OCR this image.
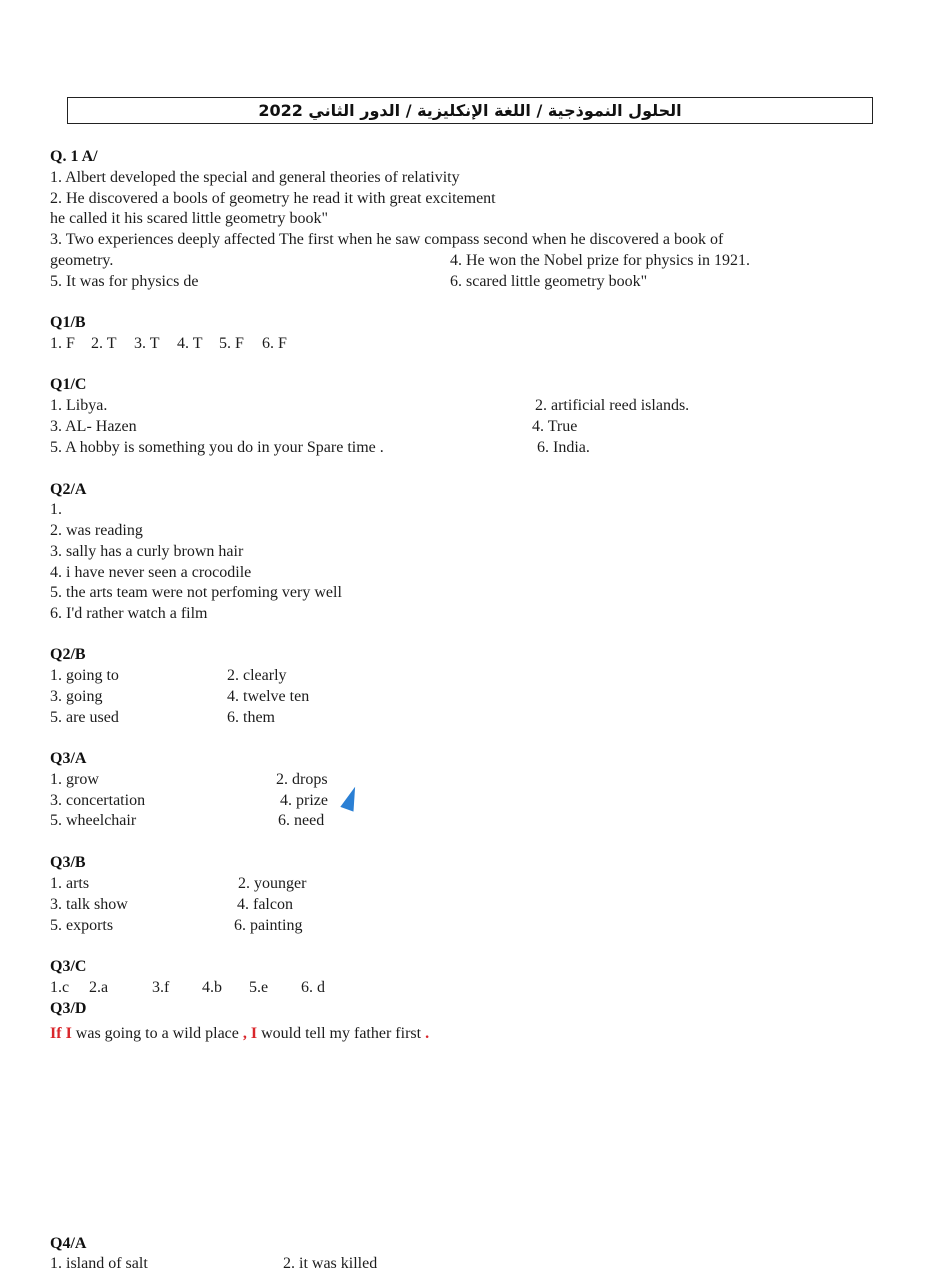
الحلول النموذجية / اللغة الإنكليزية / الدور الثاني 2022
Q. 1 A/
1. Albert developed the special and general theories of relativity
2. He discovered a bools of geometry he read it with great excitement
he called it his scared little geometry book"
3. Two experiences deeply affected The first when he saw compass second when he discovered a book of
geometry.	4. He won the Nobel prize for physics in 1921.
5. It was for physics de	6. scared little geometry book"
Q1/B
1. F 2. T 3. T 4. T 5. F 6. F
Q1/C
1. Libya.	2. artificial reed islands.
3. AL- Hazen	4. True
5. A hobby is something you do in your Spare time .	6. India.
Q2/A
1.
2. was reading
3. sally has a curly brown hair
4. i have never seen a crocodile
5. the arts team were not perfoming very well
6. I'd rather watch a film
Q2/B
1. going to	2. clearly
3. going	4. twelve ten
5. are used	6. them
Q3/A
1. grow	2. drops
3. concertation	4. prize
5. wheelchair	6. need
Q3/B
1. arts	2. younger
3. talk show	4. falcon
5. exports	6. painting
Q3/C
1.c 2.a	3.f 4.b 5.e 6. d
Q3/D
If I was going to a wild place , I would tell my father first .
Q4/A
1. island of salt	2. it was killed
